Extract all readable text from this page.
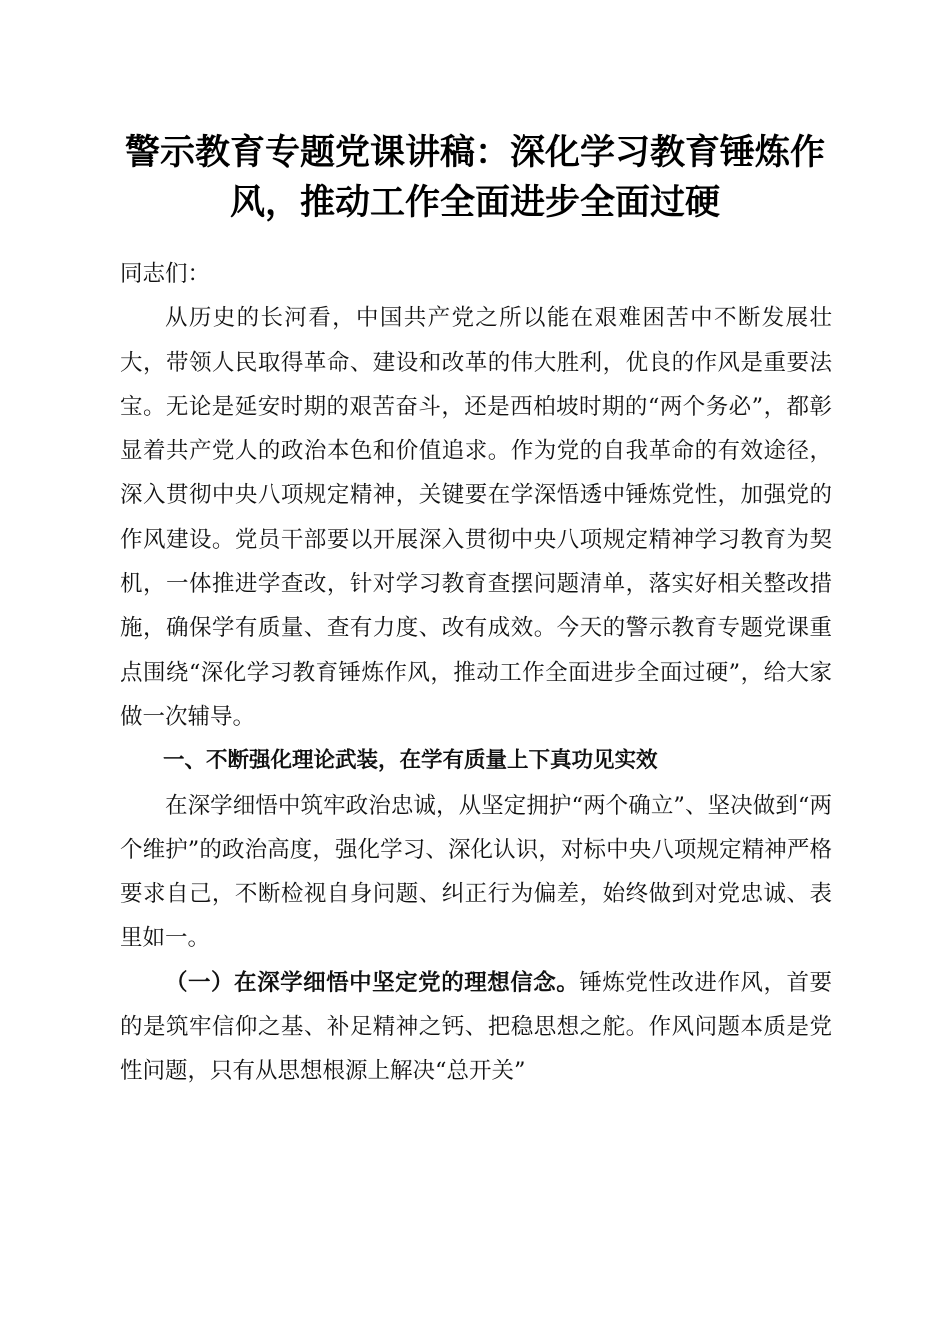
警示教育专题党课讲稿：深化学习教育锤炼作风，推动工作全面进步全面过硬

同志们：

从历史的长河看，中国共产党之所以能在艰难困苦中不断发展壮大，带领人民取得革命、建设和改革的伟大胜利，优良的作风是重要法宝。无论是延安时期的艰苦奋斗，还是西柏坡时期的“两个务必”，都彰显着共产党人的政治本色和价值追求。作为党的自我革命的有效途径，深入贯彻中央八项规定精神，关键要在学深悟透中锤炼党性，加强党的作风建设。党员干部要以开展深入贯彻中央八项规定精神学习教育为契机，一体推进学查改，针对学习教育查摆问题清单，落实好相关整改措施，确保学有质量、查有力度、改有成效。今天的警示教育专题党课重点围绕“深化学习教育锤炼作风，推动工作全面进步全面过硬”，给大家做一次辅导。

一、不断强化理论武装，在学有质量上下真功见实效

在深学细悟中筑牢政治忠诚，从坚定拥护“两个确立”、坚决做到“两个维护”的政治高度，强化学习、深化认识，对标中央八项规定精神严格要求自己，不断检视自身问题、纠正行为偏差，始终做到对党忠诚、表里如一。

（一）在深学细悟中坚定党的理想信念。锤炼党性改进作风，首要的是筑牢信仰之基、补足精神之钙、把稳思想之舵。作风问题本质是党性问题，只有从思想根源上解决“总开关”
